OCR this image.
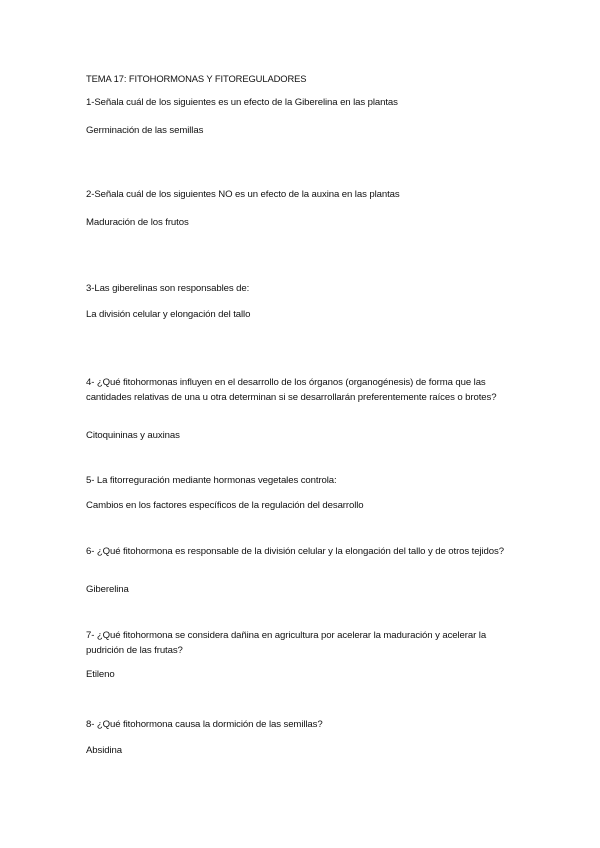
TEMA 17: FITOHORMONAS Y FITOREGULADORES
1-Señala cuál de los siguientes es un efecto de la Giberelina en las plantas
Germinación de las semillas
2-Señala cuál de los siguientes NO es un efecto de la auxina en las plantas
Maduración de los frutos
3-Las giberelinas son responsables de:
La división celular y elongación del tallo
4- ¿Qué fitohormonas influyen en el desarrollo de los órganos (organogénesis) de forma que las cantidades relativas de una u otra determinan si se desarrollarán preferentemente raíces o brotes?
Citoquininas y auxinas
5- La fitorreguración mediante hormonas vegetales controla:
Cambios en los factores específicos de la regulación del desarrollo
6- ¿Qué fitohormona es responsable de la división celular y la elongación del tallo y de otros tejidos?
Giberelina
7- ¿Qué fitohormona se considera dañina en agricultura por acelerar la maduración y acelerar la pudrición de las frutas?
Etileno
8- ¿Qué fitohormona causa la dormición de las semillas?
Absidina
